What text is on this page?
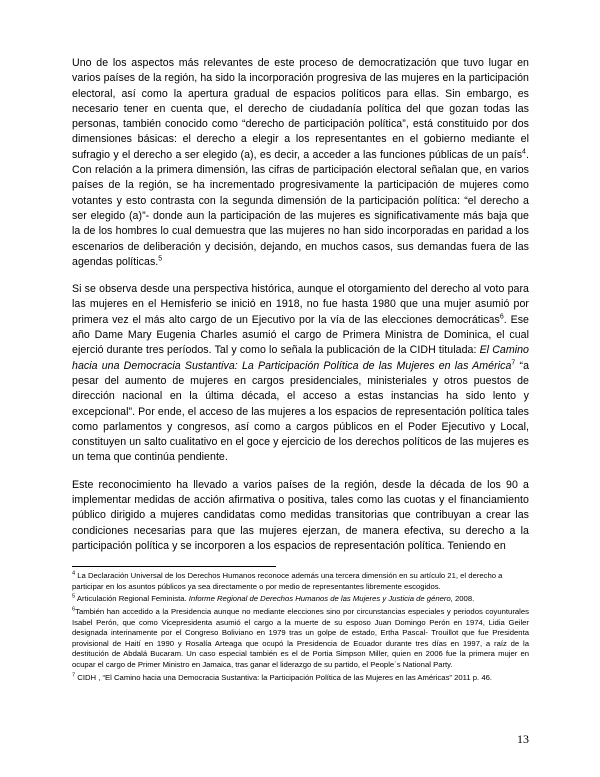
Uno de los aspectos más relevantes de este proceso de democratización que tuvo lugar en varios países de la región, ha sido la incorporación progresiva de las mujeres en la participación electoral, así como la apertura gradual de espacios políticos para ellas. Sin embargo, es necesario tener en cuenta que, el derecho de ciudadanía política del que gozan todas las personas, también conocido como “derecho de participación política”, está constituido por dos dimensiones básicas: el derecho a elegir a los representantes en el gobierno mediante el sufragio y el derecho a ser elegido (a), es decir, a acceder a las funciones públicas de un país$^4$. Con relación a la primera dimensión, las cifras de participación electoral señalan que, en varios países de la región, se ha incrementado progresivamente la participación de mujeres como votantes y esto contrasta con la segunda dimensión de la participación política: “el derecho a ser elegido (a)”- donde aun la participación de las mujeres es significativamente más baja que la de los hombres lo cual demuestra que las mujeres no han sido incorporadas en paridad a los escenarios de deliberación y decisión, dejando, en muchos casos, sus demandas fuera de las agendas políticas.$^5$

Si se observa desde una perspectiva histórica, aunque el otorgamiento del derecho al voto para las mujeres en el Hemisferio se inició en 1918, no fue hasta 1980 que una mujer asumió por primera vez el más alto cargo de un Ejecutivo por la vía de las elecciones democráticas$^6$. Ese año Dame Mary Eugenia Charles asumió el cargo de Primera Ministra de Dominica, el cual ejerció durante tres períodos. Tal y como lo señala la publicación de la CIDH titulada: El Camino hacia una Democracia Sustantiva: La Participación Política de las Mujeres en las América$^7$ “a pesar del aumento de mujeres en cargos presidenciales, ministeriales y otros puestos de dirección nacional en la última década, el acceso a estas instancias ha sido lento y excepcional”. Por ende, el acceso de las mujeres a los espacios de representación política tales como parlamentos y congresos, así como a cargos públicos en el Poder Ejecutivo y Local, constituyen un salto cualitativo en el goce y ejercicio de los derechos políticos de las mujeres es un tema que continúa pendiente.

Este reconocimiento ha llevado a varios países de la región, desde la década de los 90 a implementar medidas de acción afirmativa o positiva, tales como las cuotas y el financiamiento público dirigido a mujeres candidatas como medidas transitorias que contribuyan a crear las condiciones necesarias para que las mujeres ejerzan, de manera efectiva, su derecho a la participación política y se incorporen a los espacios de representación política. Teniendo en

$^4$ La Declaración Universal de los Derechos Humanos reconoce además una tercera dimensión en su artículo 21, el derecho a participar en los asuntos públicos ya sea directamente o por medio de representantes libremente escogidos.

$^5$ Articulación Regional Feminista. Informe Regional de Derechos Humanos de las Mujeres y Justicia de género, 2008.

$^6$También han accedido a la Presidencia aunque no mediante elecciones sino por circunstancias especiales y periodos coyunturales Isabel Perón, que como Vicepresidenta asumió el cargo a la muerte de su esposo Juan Domingo Perón en 1974, Lidia Geiler designada interinamente por el Congreso Boliviano en 1979 tras un golpe de estado, Ertha Pascal- Trouillot que fue Presidenta provisional de Haití en 1990 y Rosalía Arteaga que ocupó la Presidencia de Ecuador durante tres días en 1997, a raíz de la destitución de Abdalá Bucaram. Un caso especial también es el de Portia Simpson Miller, quien en 2006 fue la primera mujer en ocupar el cargo de Primer Ministro en Jamaica, tras ganar el liderazgo de su partido, el People´s National Party.

$^7$ CIDH , “El Camino hacia una Democracia Sustantiva: la Participación Política de las Mujeres en las Américas” 2011 p. 46.

13
